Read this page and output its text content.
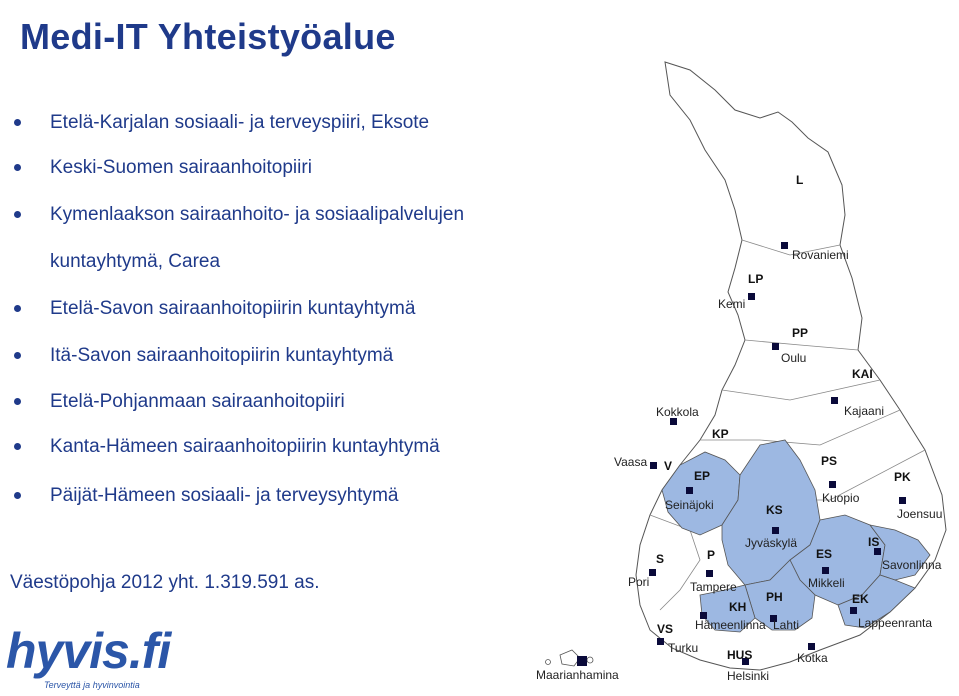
Medi-IT Yhteistyöalue
Etelä-Karjalan sosiaali- ja terveyspiiri, Eksote
Keski-Suomen sairaanhoitopiiri
Kymenlaakson sairaanhoito- ja sosiaalipalvelujen
kuntayhtymä, Carea
Etelä-Savon sairaanhoitopiirin kuntayhtymä
Itä-Savon sairaanhoitopiirin kuntayhtymä
Etelä-Pohjanmaan sairaanhoitopiiri
Kanta-Hämeen sairaanhoitopiirin kuntayhtymä
Päijät-Hämeen sosiaali- ja terveysyhtymä
Väestöpohja 2012 yht. 1.319.591 as.
hyvis.fi
Terveyttä ja hyvinvointia
L
LP
PP
KAI
KP
V
EP
PS
PK
KS
ES
IS
S	P
PH	EK
KH
VS
HUS
Rovaniemi
Kemi
Oulu
Kajaani
Kokkola
Vaasa
Seinäjoki	Kuopio
Joensuu
Jyväskylä
Savonlinna
Mikkeli
Pori	Tampere
Hämeenlinna Lahti	Lappeenranta
Turku
Kotka
Maarianhamina	Helsinki
